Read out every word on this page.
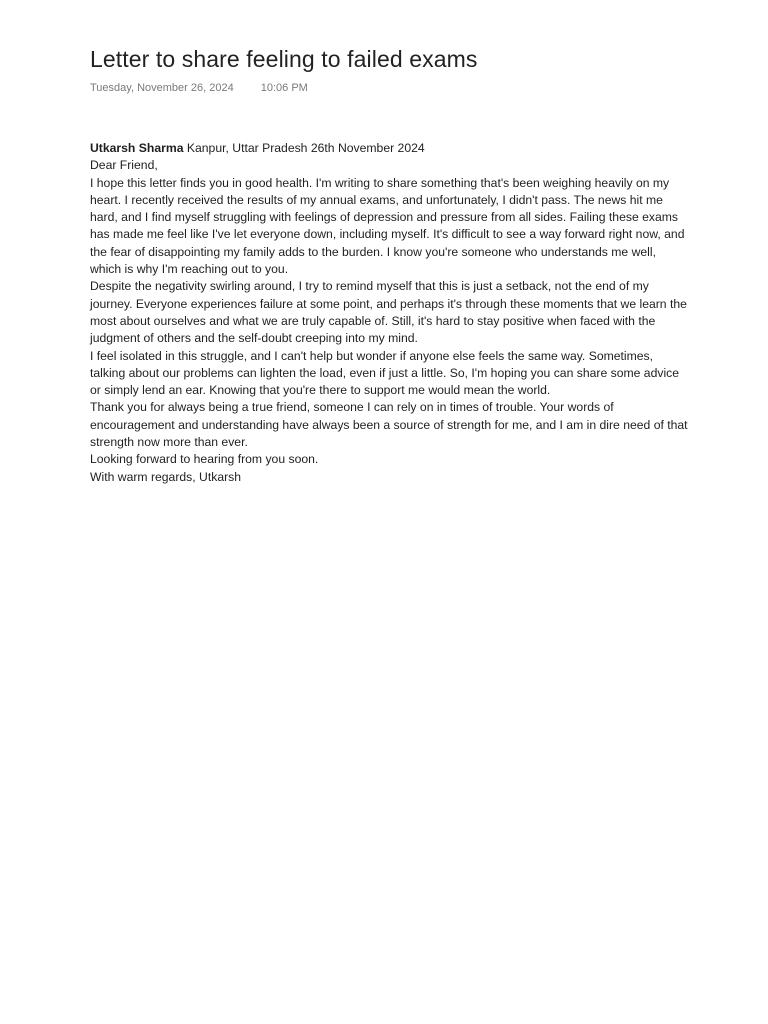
Letter to share feeling to failed exams
Tuesday, November 26, 2024 10:06 PM

Utkarsh Sharma Kanpur, Uttar Pradesh 26th November 2024

Dear Friend,

I hope this letter finds you in good health. I'm writing to share something that's been weighing heavily on my heart. I recently received the results of my annual exams, and unfortunately, I didn't pass. The news hit me hard, and I find myself struggling with feelings of depression and pressure from all sides. Failing these exams has made me feel like I've let everyone down, including myself. It's difficult to see a way forward right now, and the fear of disappointing my family adds to the burden. I know you're someone who understands me well, which is why I'm reaching out to you.

Despite the negativity swirling around, I try to remind myself that this is just a setback, not the end of my journey. Everyone experiences failure at some point, and perhaps it's through these moments that we learn the most about ourselves and what we are truly capable of. Still, it's hard to stay positive when faced with the judgment of others and the self-doubt creeping into my mind.

I feel isolated in this struggle, and I can't help but wonder if anyone else feels the same way. Sometimes, talking about our problems can lighten the load, even if just a little. So, I'm hoping you can share some advice or simply lend an ear. Knowing that you're there to support me would mean the world.

Thank you for always being a true friend, someone I can rely on in times of trouble. Your words of encouragement and understanding have always been a source of strength for me, and I am in dire need of that strength now more than ever.

Looking forward to hearing from you soon.

With warm regards, Utkarsh
